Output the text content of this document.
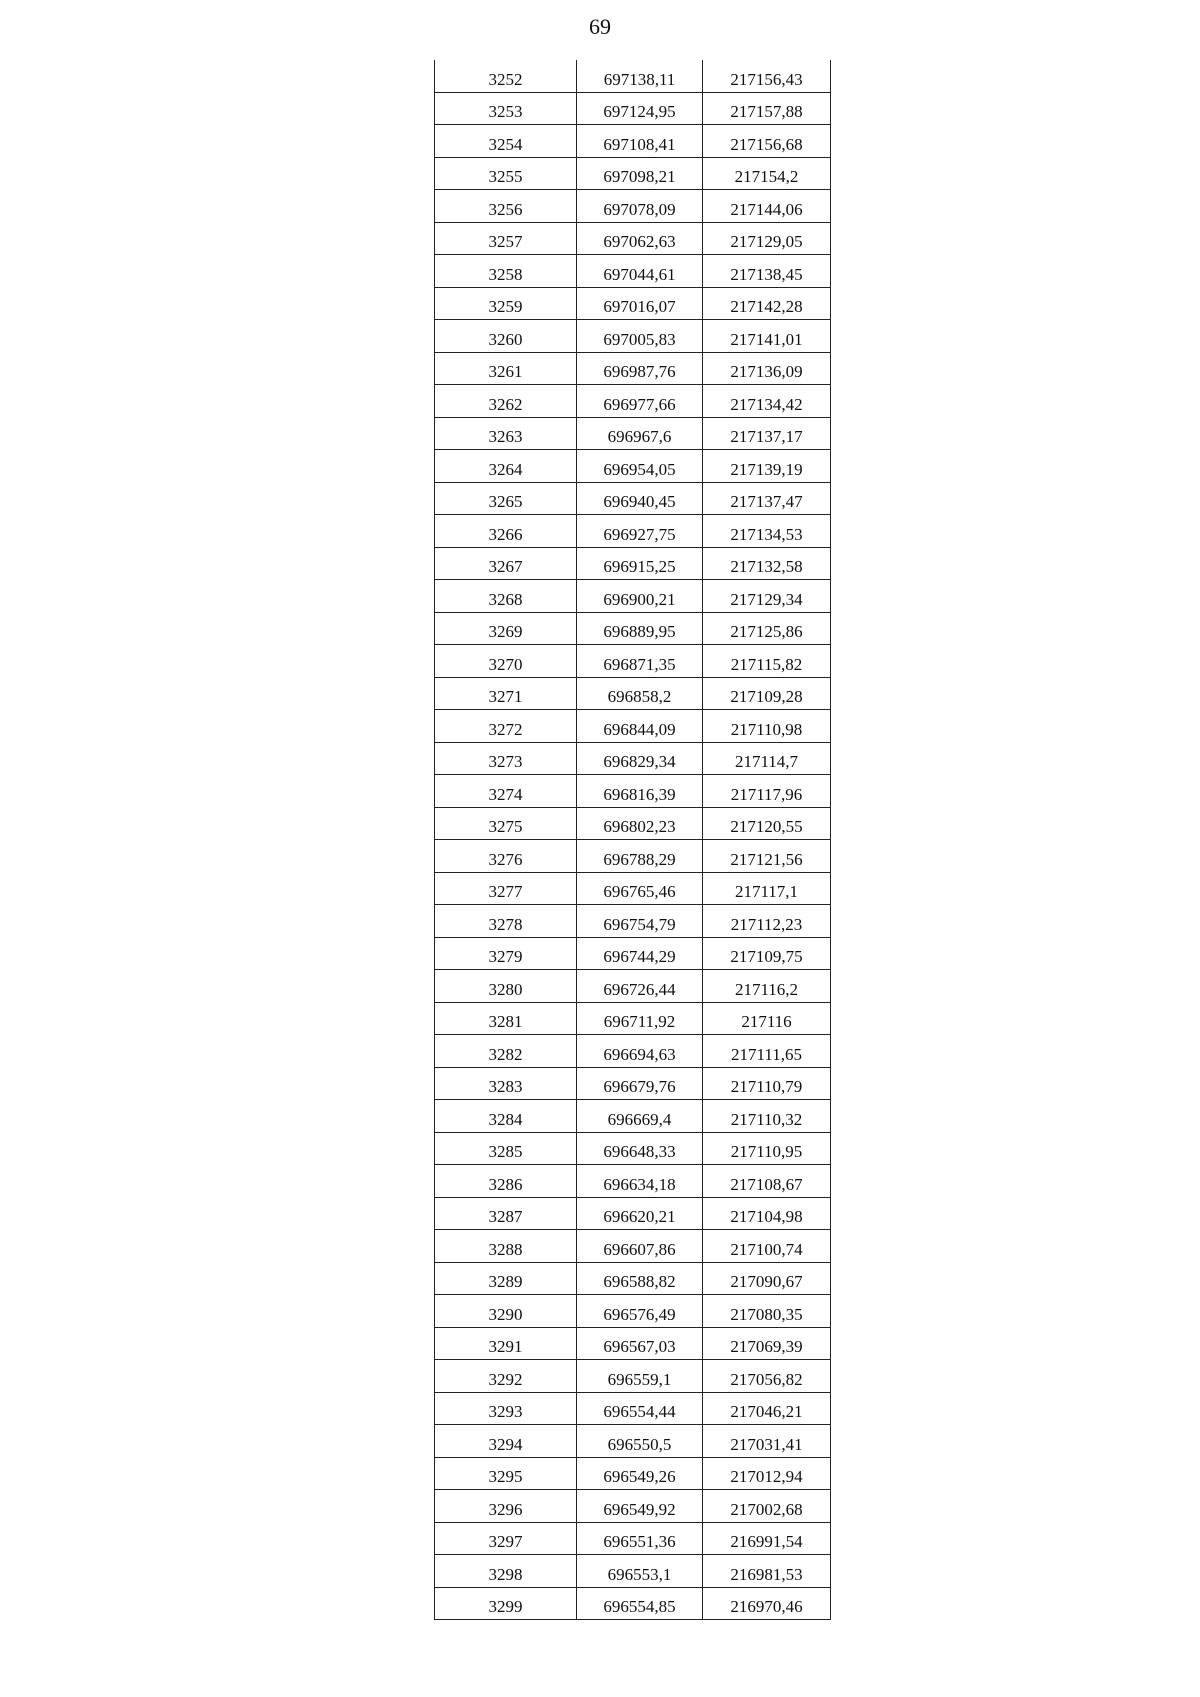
69
3252	697138,11	217156,43
3253	697124,95	217157,88
3254	697108,41	217156,68
3255	697098,21	217154,2
3256	697078,09	217144,06
3257	697062,63	217129,05
3258	697044,61	217138,45
3259	697016,07	217142,28
3260	697005,83	217141,01
3261	696987,76	217136,09
3262	696977,66	217134,42
3263	696967,6	217137,17
3264	696954,05	217139,19
3265	696940,45	217137,47
3266	696927,75	217134,53
3267	696915,25	217132,58
3268	696900,21	217129,34
3269	696889,95	217125,86
3270	696871,35	217115,82
3271	696858,2	217109,28
3272	696844,09	217110,98
3273	696829,34	217114,7
3274	696816,39	217117,96
3275	696802,23	217120,55
3276	696788,29	217121,56
3277	696765,46	217117,1
3278	696754,79	217112,23
3279	696744,29	217109,75
3280	696726,44	217116,2
3281	696711,92	217116
3282	696694,63	217111,65
3283	696679,76	217110,79
3284	696669,4	217110,32
3285	696648,33	217110,95
3286	696634,18	217108,67
3287	696620,21	217104,98
3288	696607,86	217100,74
3289	696588,82	217090,67
3290	696576,49	217080,35
3291	696567,03	217069,39
3292	696559,1	217056,82
3293	696554,44	217046,21
3294	696550,5	217031,41
3295	696549,26	217012,94
3296	696549,92	217002,68
3297	696551,36	216991,54
3298	696553,1	216981,53
3299	696554,85	216970,46
